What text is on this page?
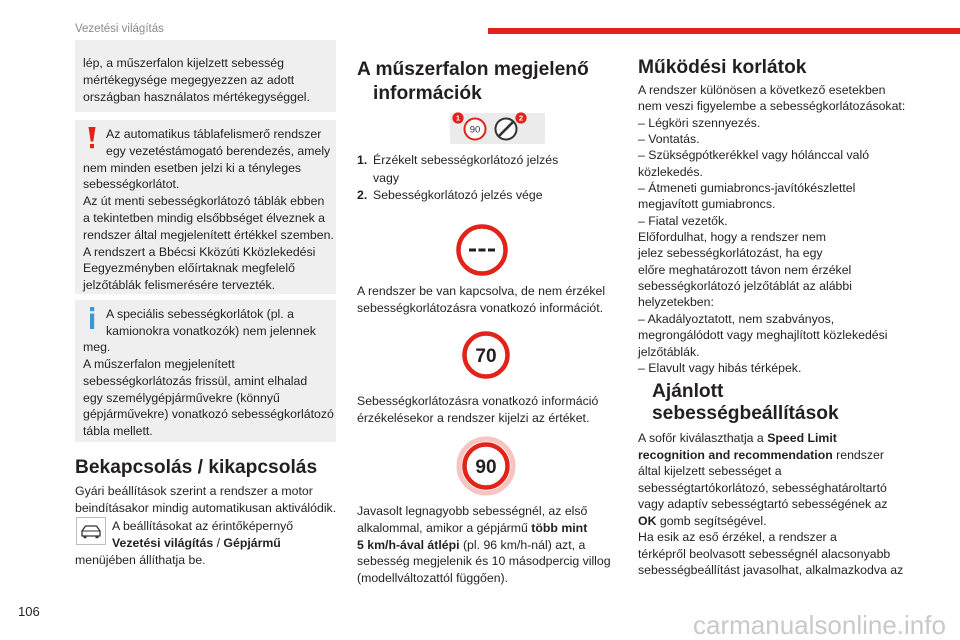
Vezetési világítás
lép, a műszerfalon kijelzett sebesség
mértékegysége megegyezzen az adott
országban használatos mértékegységgel.
Az automatikus táblafelismerő rendszer
egy vezetéstámogató berendezés, amely
nem minden esetben jelzi ki a tényleges
sebességkorlátot.
Az út menti sebességkorlátozó táblák ebben
a tekintetben mindig elsőbbséget élveznek a
rendszer által megjelenített értékkel szemben.
A rendszert a Bbécsi Kközúti Kközlekedési
Eegyezményben előírtaknak megfelelő
jelzőtáblák felismerésére tervezték.
A speciális sebességkorlátok (pl. a
kamionokra vonatkozók) nem jelennek
meg.
A műszerfalon megjelenített
sebességkorlátozás frissül, amint elhalad
egy személygépjárművekre (könnyű
gépjárművekre) vonatkozó sebességkorlátozó
tábla mellett.
Bekapcsolás / kikapcsolás
Gyári beállítások szerint a rendszer a motor
beindításakor mindig automatikusan aktiválódik.
A beállításokat az érintőképernyő
Vezetési világítás / Gépjármű
menüjében állíthatja be.
A műszerfalon megjelenő
információk
90
1	2
1. Érzékelt sebességkorlátozó jelzés
vagy
2. Sebességkorlátozó jelzés vége
A rendszer be van kapcsolva, de nem érzékel
sebességkorlátozásra vonatkozó információt.
70
Sebességkorlátozásra vonatkozó információ
érzékelésekor a rendszer kijelzi az értéket.
90
Javasolt legnagyobb sebességnél, az első
alkalommal, amikor a gépjármű több mint
5 km/h-ával átlépi (pl. 96 km/h-nál) azt, a
sebesség megjelenik és 10 másodpercig villog
(modellváltozattól függően).
Működési korlátok
A rendszer különösen a következő esetekben
nem veszi figyelembe a sebességkorlátozásokat:
– Légköri szennyezés.
– Vontatás.
– Szükségpótkerékkel vagy hólánccal való
közlekedés.
– Átmeneti gumiabroncs-javítókészlettel
megjavított gumiabroncs.
– Fiatal vezetők.
Előfordulhat, hogy a rendszer nem
jelez sebességkorlátozást, ha egy
előre meghatározott távon nem érzékel
sebességkorlátozó jelzőtáblát az alábbi
helyzetekben:
– Akadályoztatott, nem szabványos,
megrongálódott vagy meghajlított közlekedési
jelzőtáblák.
– Elavult vagy hibás térképek.
Ajánlott
sebességbeállítások
A sofőr kiválaszthatja a Speed Limit
recognition and recommendation rendszer
által kijelzett sebességet a
sebességtartókorlátozó, sebességhatároltartó
vagy adaptív sebességtartó sebességének az
OK gomb segítségével.
Ha esik az eső érzékel, a rendszer a
térképről beolvasott sebességnél alacsonyabb
sebességbeállítást javasolhat, alkalmazkodva az
106	carmanualsonline.info
